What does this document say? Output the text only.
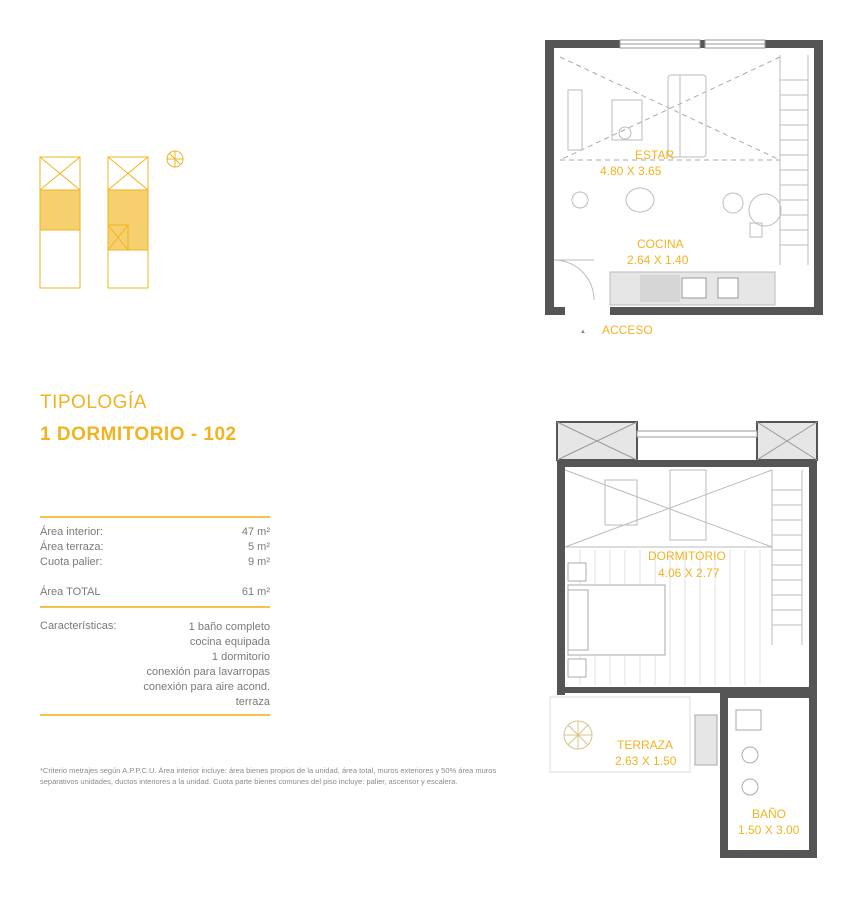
TIPOLOGÍA
1 DORMITORIO - 102
Área interior:	47 m²
Área terraza:	5 m²
Cuota palier:	9 m²
Área TOTAL	61 m²
Características:	1 baño completo
cocina equipada
1 dormitorio
conexión para lavarropas
conexión para aire acond.
terraza
*Criterio metrajes según A.P.P.C.U. Área interior incluye: área bienes propios de la unidad, área total, muros exteriores y 50% área muros separativos unidades, ductos interiores a la unidad. Cuota parte bienes comunes del piso incluye: palier, ascensor y escalera.
ESTAR
4.80 X 3.65
COCINA
2.64 X 1.40
▲ ACCESO
DORMITORIO
4.06 X 2.77
TERRAZA
2.63 X 1.50
BAÑO
1.50 X 3.00
